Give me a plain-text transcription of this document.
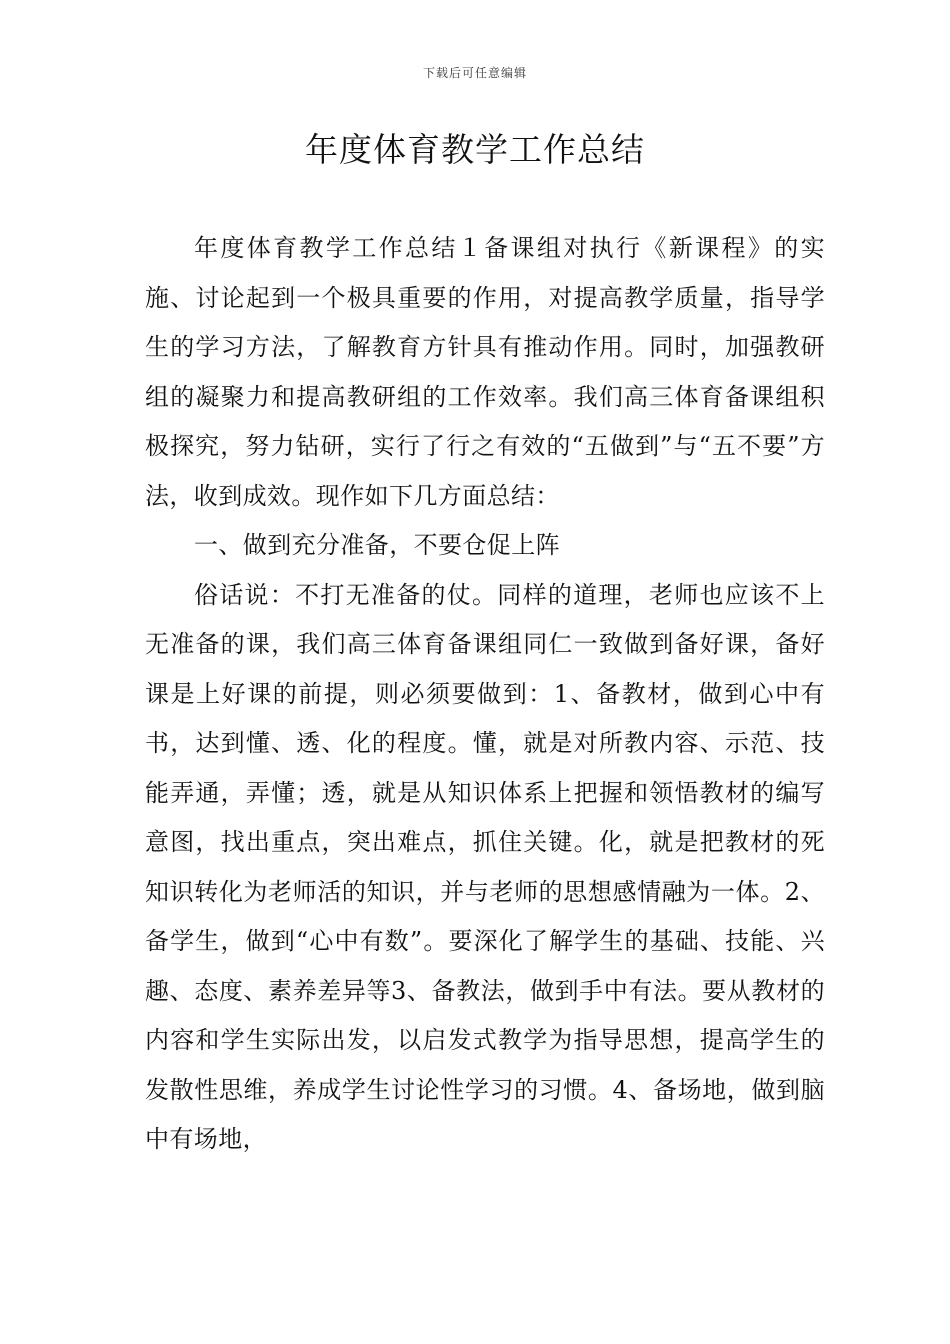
下载后可任意编辑
年度体育教学工作总结

年度体育教学工作总结１备课组对执行《新课程》的实施、讨论起到一个极具重要的作用，对提高教学质量，指导学生的学习方法，了解教育方针具有推动作用。同时，加强教研组的凝聚力和提高教研组的工作效率。我们高三体育备课组积极探究，努力钻研，实行了行之有效的“五做到”与“五不要”方法，收到成效。现作如下几方面总结：

一、做到充分准备，不要仓促上阵

俗话说：不打无准备的仗。同样的道理，老师也应该不上无准备的课，我们高三体育备课组同仁一致做到备好课，备好课是上好课的前提，则必须要做到：1、备教材，做到心中有书，达到懂、透、化的程度。懂，就是对所教内容、示范、技能弄通，弄懂；透，就是从知识体系上把握和领悟教材的编写意图，找出重点，突出难点，抓住关键。化，就是把教材的死知识转化为老师活的知识，并与老师的思想感情融为一体。2、备学生，做到“心中有数”。要深化了解学生的基础、技能、兴趣、态度、素养差异等3、备教法，做到手中有法。要从教材的内容和学生实际出发，以启发式教学为指导思想，提高学生的发散性思维，养成学生讨论性学习的习惯。4、备场地，做到脑中有场地，
